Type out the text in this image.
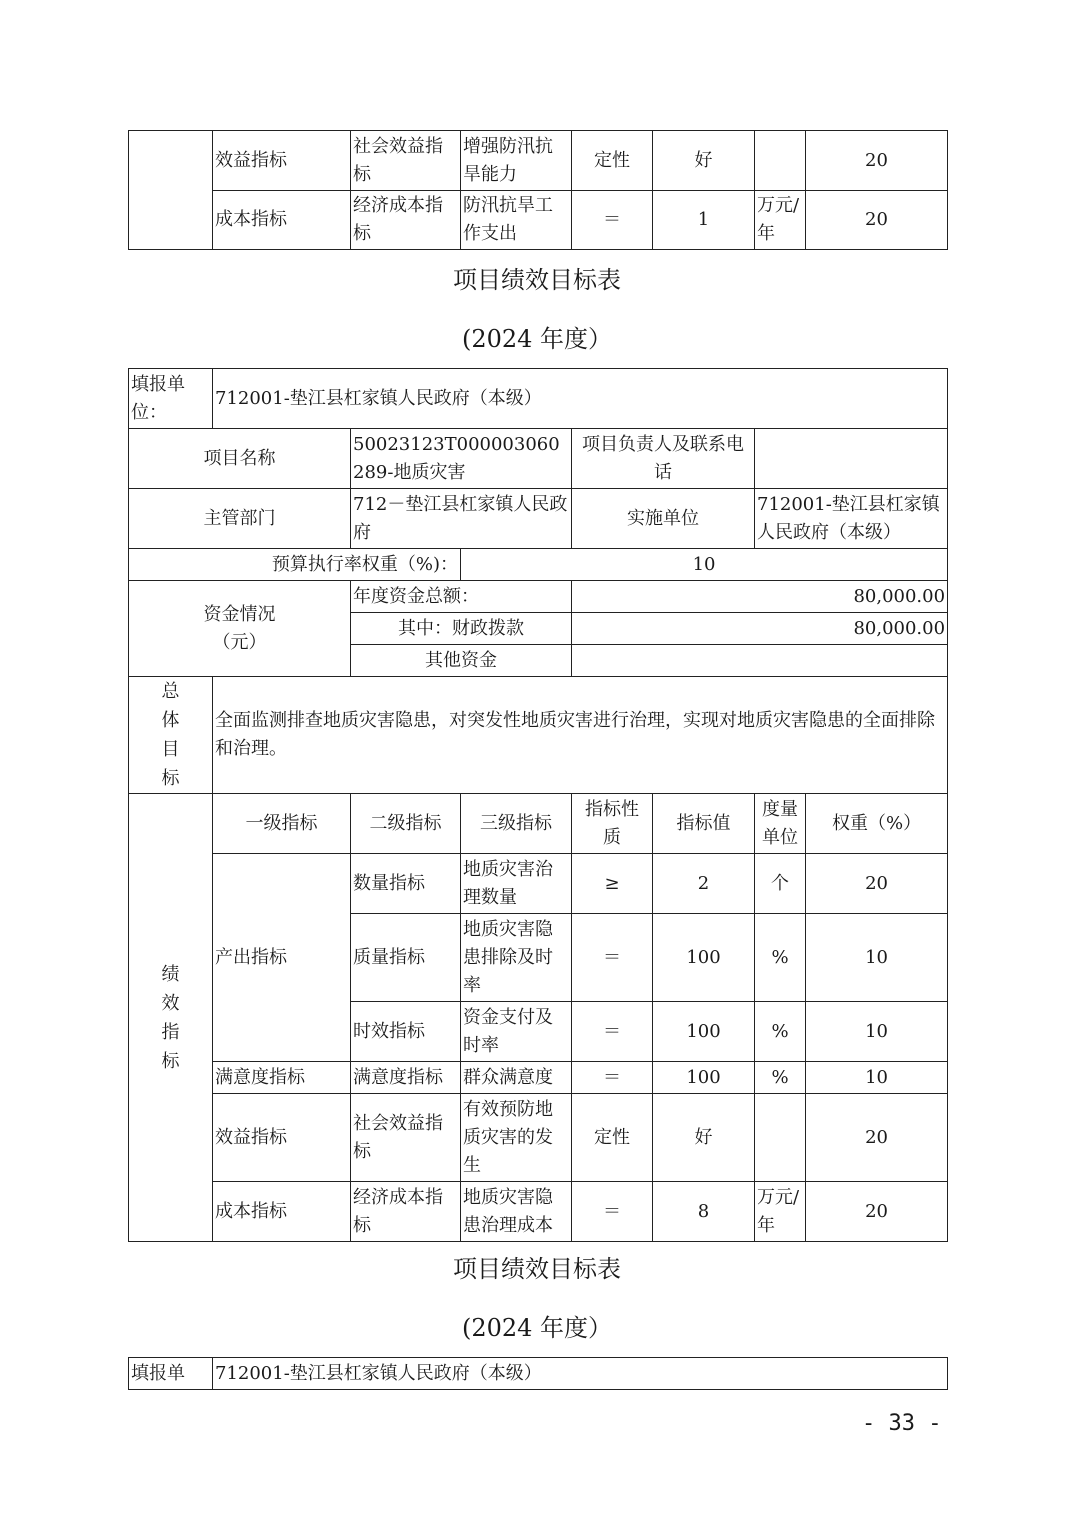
	效益指标	社会效益指标	增强防汛抗旱能力	定性	好		20
	成本指标	经济成本指标	防汛抗旱工作支出	＝	1	万元/年	20
项目绩效目标表
(2024 年度）
填报单位：	712001-垫江县杠家镇人民政府（本级）						
项目名称		50023123T000003060289-地质灾害		项目负责人及联系电话			
主管部门		712－垫江县杠家镇人民政府		实施单位		712001-垫江县杠家镇人民政府（本级）	
预算执行率权重（%)：			10				

资金情况（元）		年度资金总额：		80,000.00			
		其中：财政拨款		80,000.00			
		其他资金					

总
体
目
标	全面监测排查地质灾害隐患，对突发性地质灾害进行治理，实现对地质灾害隐患的全面排除和治理。						

绩
效
指
标	一级指标	二级指标	三级指标	指标性质	指标值	度量单位	权重（%）
	产出指标	数量指标	地质灾害治理数量	≥	2	个	20
		质量指标	地质灾害隐患排除及时率	＝	100	%	10
		时效指标	资金支付及时率	＝	100	%	10
	满意度指标	满意度指标	群众满意度	＝	100	%	10
	效益指标	社会效益指标	有效预防地质灾害的发生	定性	好		20
	成本指标	经济成本指标	地质灾害隐患治理成本	＝	8	万元/年	20
项目绩效目标表
(2024 年度）
填报单	712001-垫江县杠家镇人民政府（本级）
- 33 -
